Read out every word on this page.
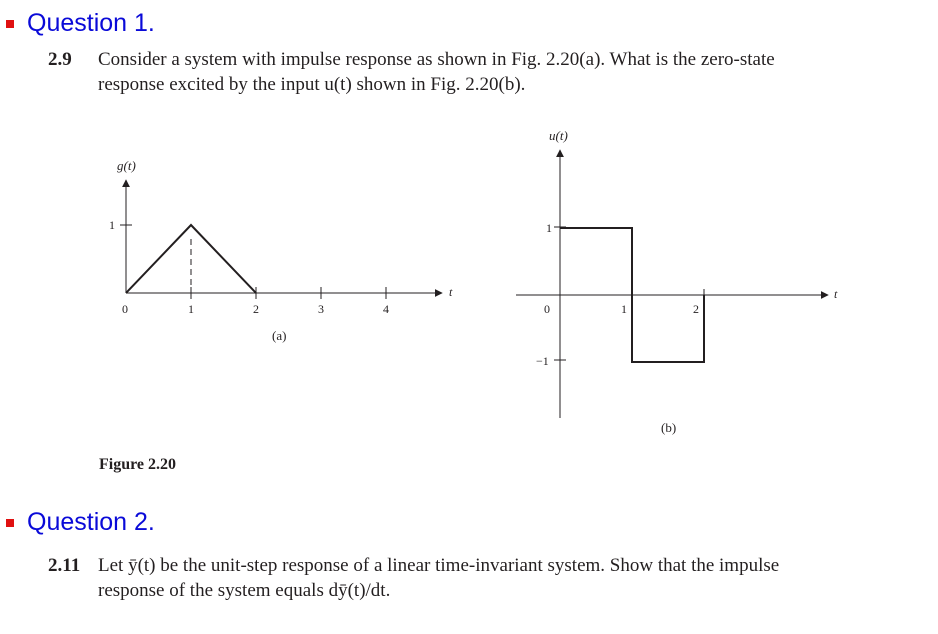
Question 1.
2.9 Consider a system with impulse response as shown in Fig. 2.20(a). What is the zero-state
response excited by the input u(t) shown in Fig. 2.20(b).
g(t)
t
1
0	1	2	3	4
(a)
u(t)
t
1
0
−1
1	2
(b)
Figure 2.20
Question 2.
2.11 Let ȳ(t) be the unit-step response of a linear time-invariant system. Show that the impulse
response of the system equals dȳ(t)/dt.
